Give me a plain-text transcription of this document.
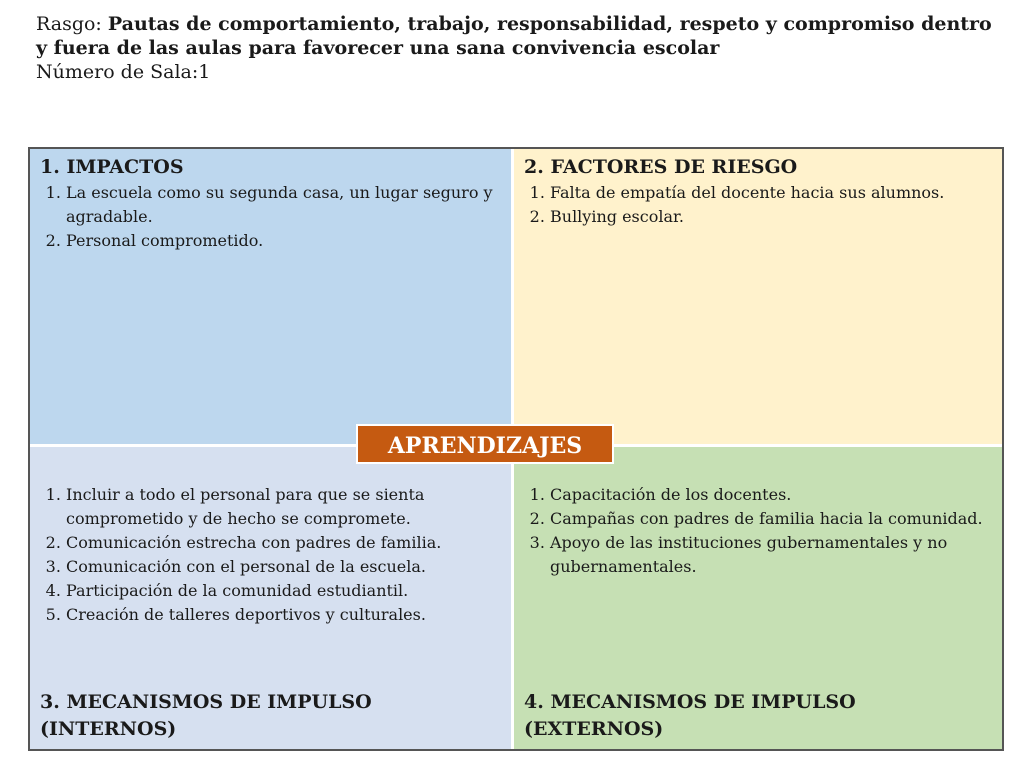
Rasgo: Pautas de comportamiento, trabajo, responsabilidad, respeto y compromiso dentro y fuera de las aulas para favorecer una sana convivencia escolar
Número de Sala:1

1. IMPACTOS

1. La escuela como su segunda casa, un lugar seguro y agradable.
2. Personal comprometido.

2. FACTORES DE RIESGO

1. Falta de empatía del docente hacia sus alumnos.
2. Bullying escolar.
1. Incluir a todo el personal para que se sienta comprometido y de hecho se compromete.
2. Comunicación estrecha con padres de familia.
3. Comunicación con el personal de la escuela.
4. Participación de la comunidad estudiantil.
5. Creación de talleres deportivos y culturales.
3. MECANISMOS DE IMPULSO (INTERNOS)
1. Capacitación de los docentes.
2. Campañas con padres de familia hacia la comunidad.
3. Apoyo de las instituciones gubernamentales y no gubernamentales.
4. MECANISMOS DE IMPULSO (EXTERNOS)
APRENDIZAJES
